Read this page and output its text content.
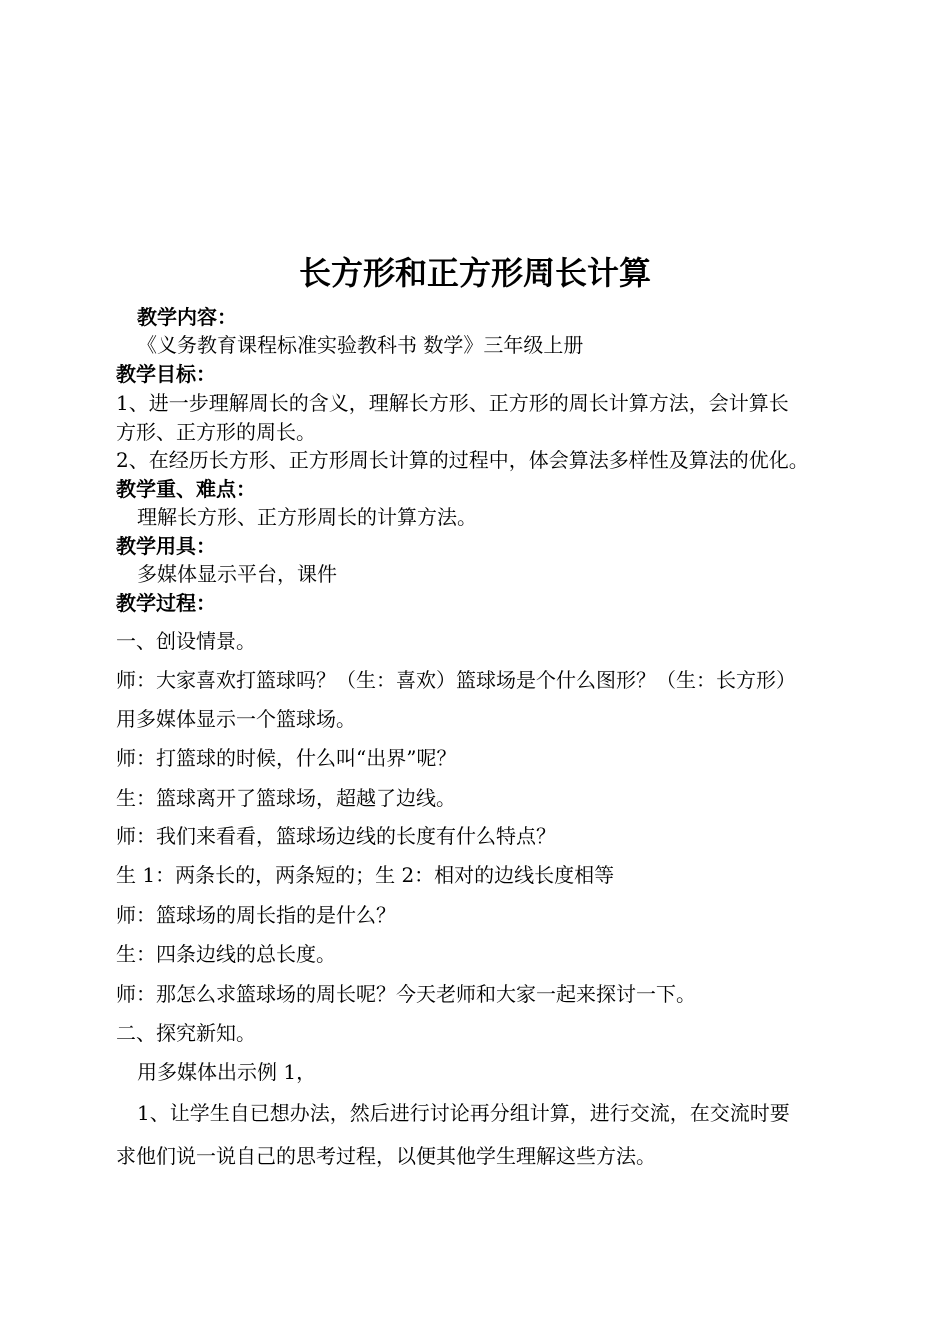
长方形和正方形周长计算
教学内容：
《义务教育课程标准实验教科书 数学》三年级上册
教学目标：
1、进一步理解周长的含义，理解长方形、正方形的周长计算方法，会计算长
方形、正方形的周长。
2、在经历长方形、正方形周长计算的过程中，体会算法多样性及算法的优化。
教学重、难点：
理解长方形、正方形周长的计算方法。
教学用具：
多媒体显示平台，课件
教学过程：
一、创设情景。
师：大家喜欢打篮球吗？（生：喜欢）篮球场是个什么图形？（生：长方形）
用多媒体显示一个篮球场。
师：打篮球的时候，什么叫“出界”呢？
生：篮球离开了篮球场，超越了边线。
师：我们来看看，篮球场边线的长度有什么特点？
生 1：两条长的，两条短的；生 2：相对的边线长度相等
师：篮球场的周长指的是什么？
生：四条边线的总长度。
师：那怎么求篮球场的周长呢？今天老师和大家一起来探讨一下。
二、探究新知。
用多媒体出示例 1，
1、让学生自已想办法，然后进行讨论再分组计算，进行交流，在交流时要
求他们说一说自己的思考过程，以便其他学生理解这些方法。
